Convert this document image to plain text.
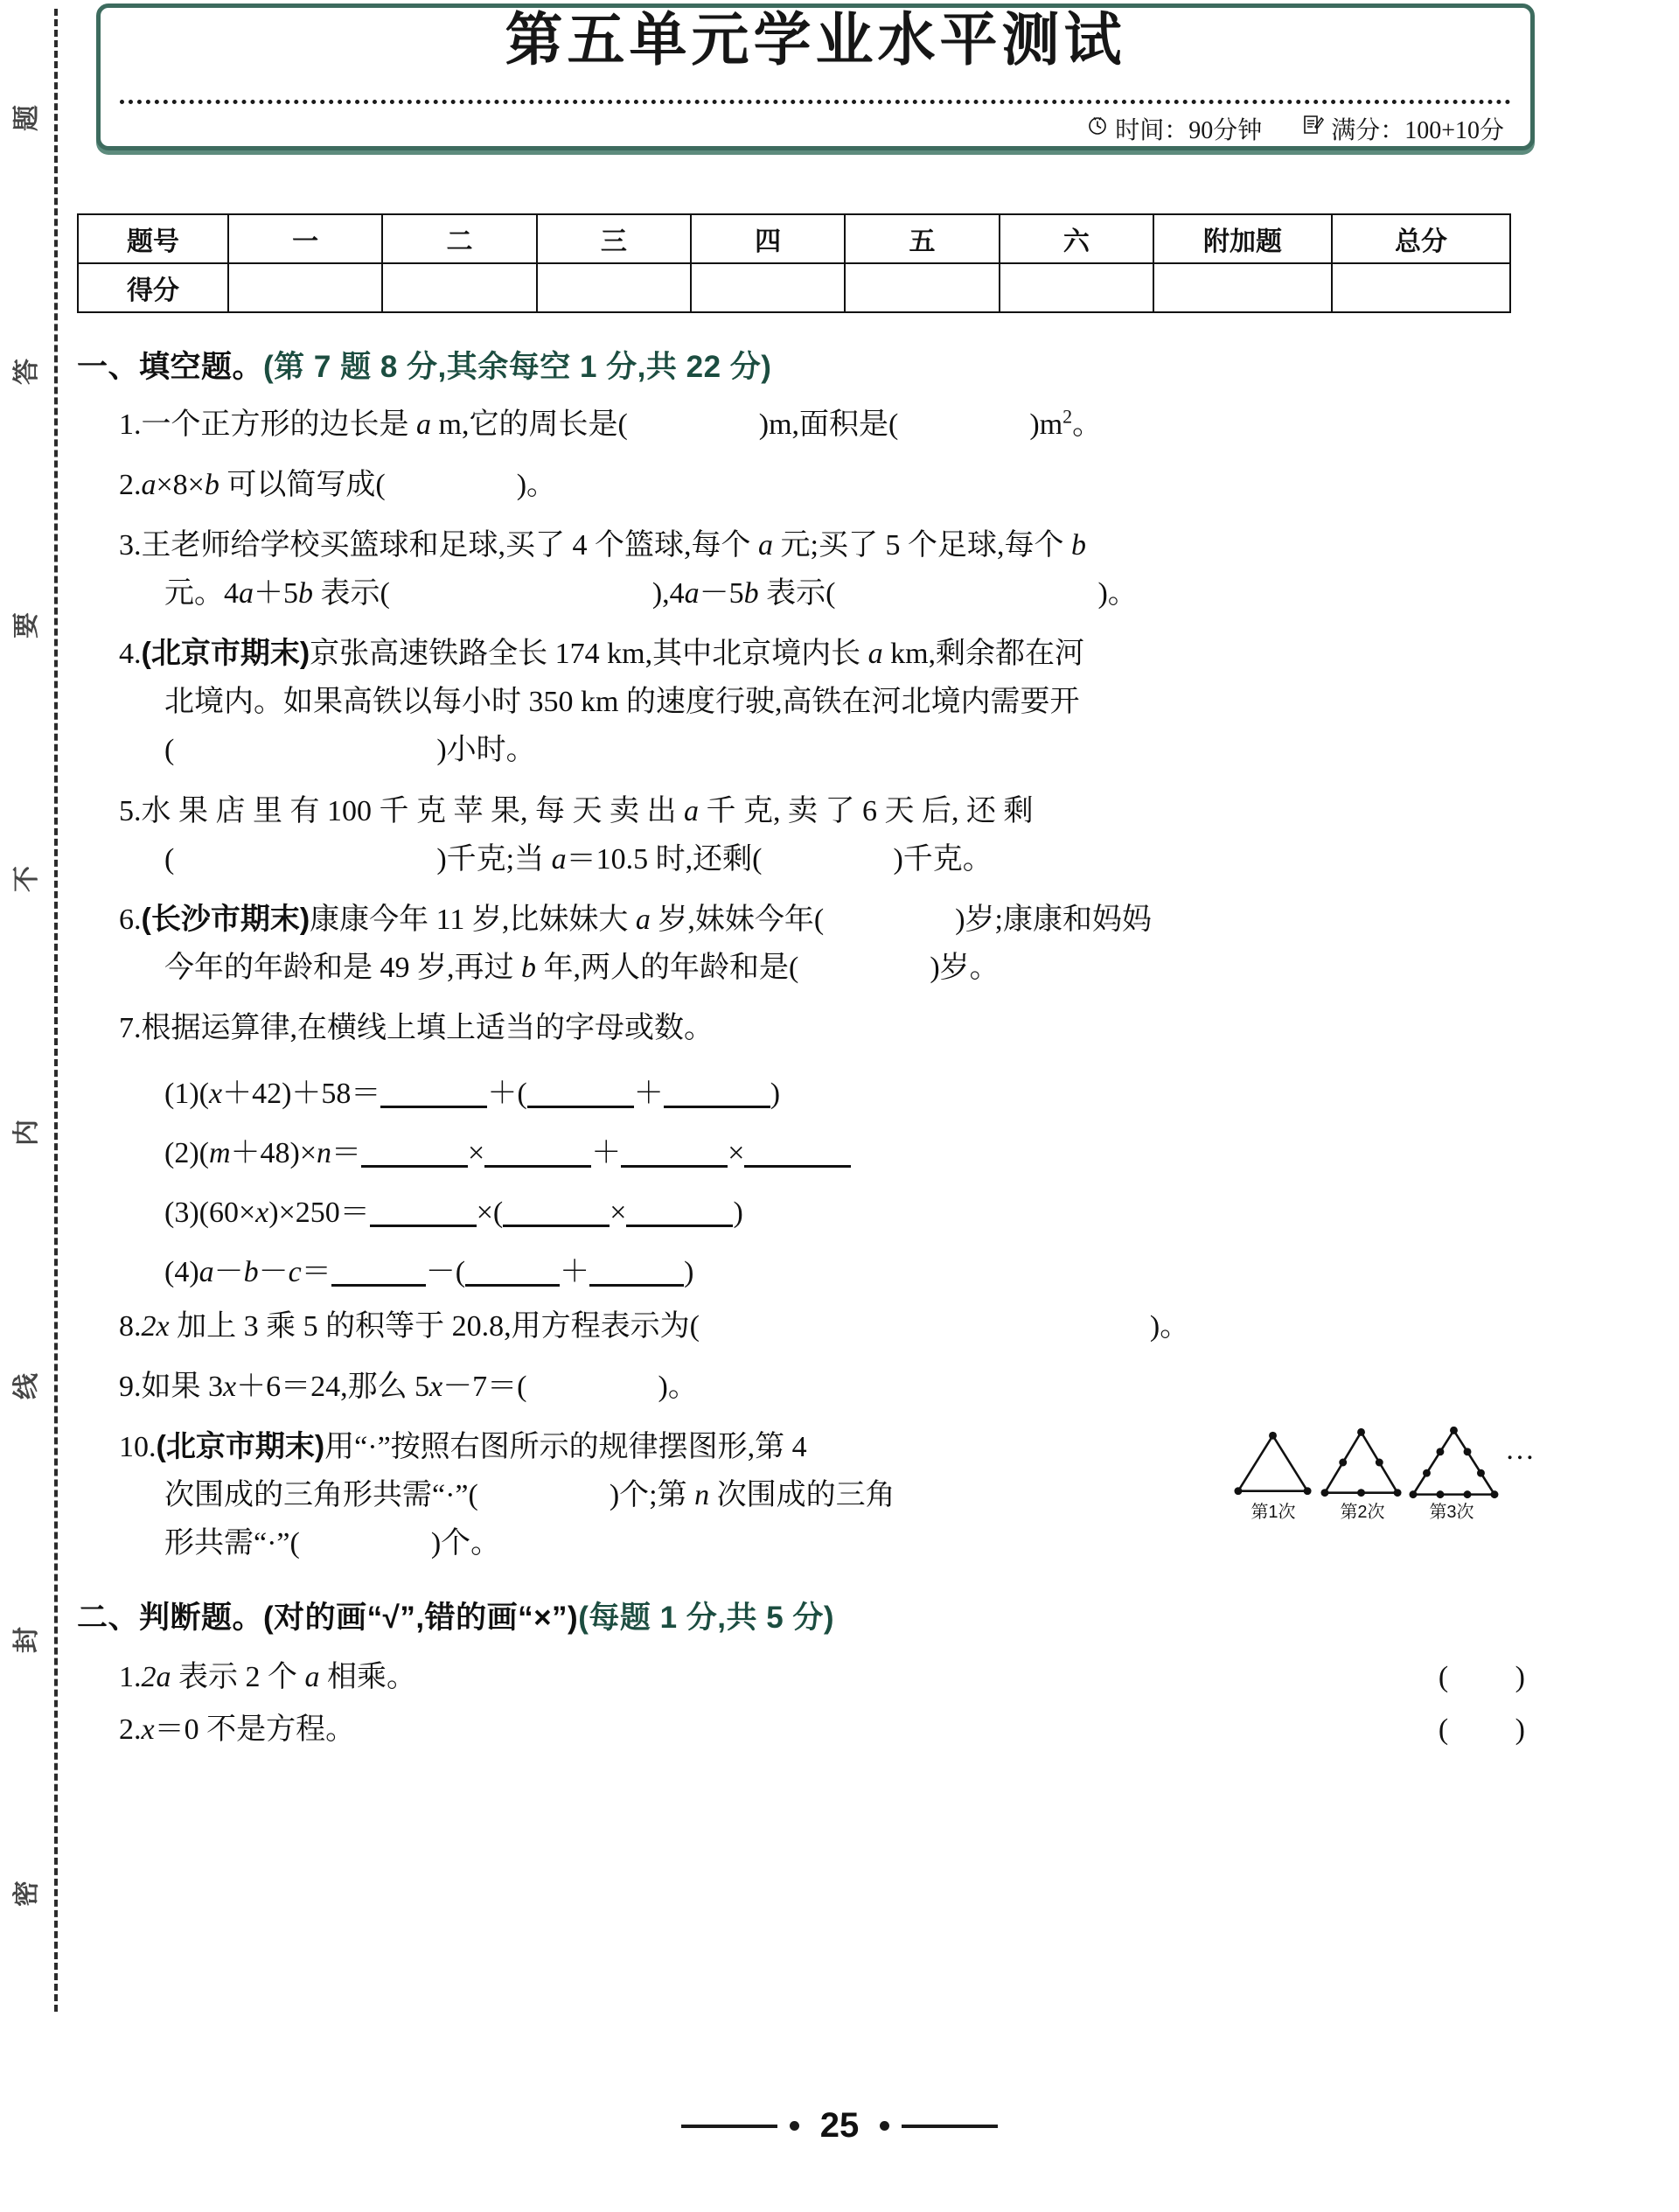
题
答
要
不
内
线
封
密
第五单元学业水平测试
时间：90分钟	满分：100+10分
题号	一	二	三	四	五	六	附加题	总分
得分								
一、填空题。(第 7 题 8 分,其余每空 1 分,共 22 分)
1.一个正方形的边长是 a m,它的周长是(	)m,面积是(	)$m^2$。
2.a×8×b 可以简写成(	)。
3.王老师给学校买篮球和足球,买了 4 个篮球,每个 a 元;买了 5 个足球,每个 b
元。4a＋5b 表示(	),4a－5b 表示(	)。
4.(北京市期末)京张高速铁路全长 174 km,其中北京境内长 a km,剩余都在河
北境内。如果高铁以每小时 350 km 的速度行驶,高铁在河北境内需要开
(	)小时。
5.水 果 店 里 有 100 千 克 苹 果, 每 天 卖 出 a 千 克, 卖 了 6 天 后, 还 剩
(	)千克;当 a＝10.5 时,还剩(	)千克。
6.(长沙市期末)康康今年 11 岁,比妹妹大 a 岁,妹妹今年(	)岁;康康和妈妈
今年的年龄和是 49 岁,再过 b 年,两人的年龄和是(	)岁。
7.根据运算律,在横线上填上适当的字母或数。
(1)(x＋42)＋58＝	＋(	＋	)
(2)(m＋48)×n＝	×	＋	×
(3)(60×x)×250＝	×(	×	)
(4)a－b－c＝	－(	＋	)
8.2x 加上 3 乘 5 的积等于 20.8,用方程表示为(	)。
9.如果 3x＋6＝24,那么 5x－7＝(	)。
10.(北京市期末)用“·”按照右图所示的规律摆图形,第 4
次围成的三角形共需“·”(	)个;第 n 次围成的三角
形共需“·”(	)个。
…
第1次	第2次	第3次
二、判断题。(对的画“√”,错的画“×”)(每题 1 分,共 5 分)
1.2a 表示 2 个 a 相乘。	( )
2.x＝0 不是方程。	( )
25
